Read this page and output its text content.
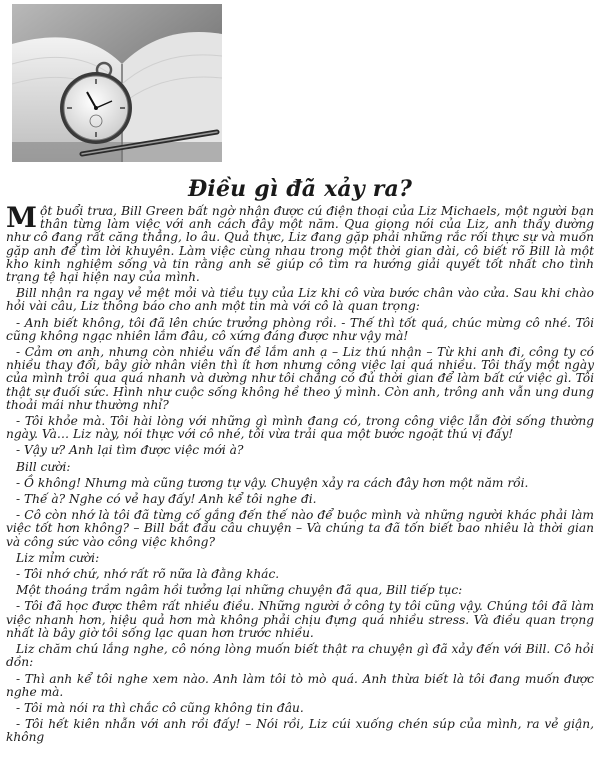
Điều gì đã xảy ra?

Một buổi trưa, Bill Green bất ngờ nhận được cú điện thoại của Liz Michaels, một người bạn thân từng làm việc với anh cách đây một năm. Qua giọng nói của Liz, anh thấy dường như cô đang rất căng thẳng, lo âu. Quả thực, Liz đang gặp phải những rắc rối thực sự và muốn gặp anh để tìm lời khuyên. Làm việc cùng nhau trong một thời gian dài, cô biết rõ Bill là một kho kinh nghiệm sống và tin rằng anh sẽ giúp cô tìm ra hướng giải quyết tốt nhất cho tình trạng tệ hại hiện nay của mình.

Bill nhận ra ngay vẻ mệt mỏi và tiều tụy của Liz khi cô vừa bước chân vào cửa. Sau khi chào hỏi vài câu, Liz thông báo cho anh một tin mà với cô là quan trọng:

- Anh biết không, tôi đã lên chức trưởng phòng rồi. - Thế thì tốt quá, chúc mừng cô nhé. Tôi cũng không ngạc nhiên lắm đâu, cô xứng đáng được như vậy mà!

- Cảm ơn anh, nhưng còn nhiều vấn đề lắm anh ạ – Liz thú nhận – Từ khi anh đi, công ty có nhiều thay đổi, bây giờ nhân viên thì ít hơn nhưng công việc lại quá nhiều. Tôi thấy một ngày của mình trôi qua quá nhanh và dường như tôi chẳng có đủ thời gian để làm bất cứ việc gì. Tôi thật sự đuối sức. Hình như cuộc sống không hề theo ý mình. Còn anh, trông anh vẫn ung dung thoải mái như thường nhỉ?

- Tôi khỏe mà. Tôi hài lòng với những gì mình đang có, trong công việc lẫn đời sống thường ngày. Và… Liz này, nói thực với cô nhé, tôi vừa trải qua một bước ngoặt thú vị đấy!

- Vậy ư? Anh lại tìm được việc mới à?

Bill cười:

- Ồ không! Nhưng mà cũng tương tự vậy. Chuyện xảy ra cách đây hơn một năm rồi.

- Thế à? Nghe có vẻ hay đấy! Anh kể tôi nghe đi.

- Cô còn nhớ là tôi đã từng cố gắng đến thế nào để buộc mình và những người khác phải làm việc tốt hơn không? – Bill bắt đầu câu chuyện – Và chúng ta đã tốn biết bao nhiêu là thời gian và công sức vào công việc không?

Liz mỉm cười:

- Tôi nhớ chứ, nhớ rất rõ nữa là đằng khác.

Một thoáng trầm ngâm hồi tưởng lại những chuyện đã qua, Bill tiếp tục:

- Tôi đã học được thêm rất nhiều điều. Những người ở công ty tôi cũng vậy. Chúng tôi đã làm việc nhanh hơn, hiệu quả hơn mà không phải chịu đựng quá nhiều stress. Và điều quan trọng nhất là bây giờ tôi sống lạc quan hơn trước nhiều.

Liz chăm chú lắng nghe, cô nóng lòng muốn biết thật ra chuyện gì đã xảy đến với Bill. Cô hỏi dồn:

- Thì anh kể tôi nghe xem nào. Anh làm tôi tò mò quá. Anh thừa biết là tôi đang muốn được nghe mà.

- Tôi mà nói ra thì chắc cô cũng không tin đâu.

- Tôi hết kiên nhẫn với anh rồi đấy! – Nói rồi, Liz cúi xuống chén súp của mình, ra vẻ giận, không
